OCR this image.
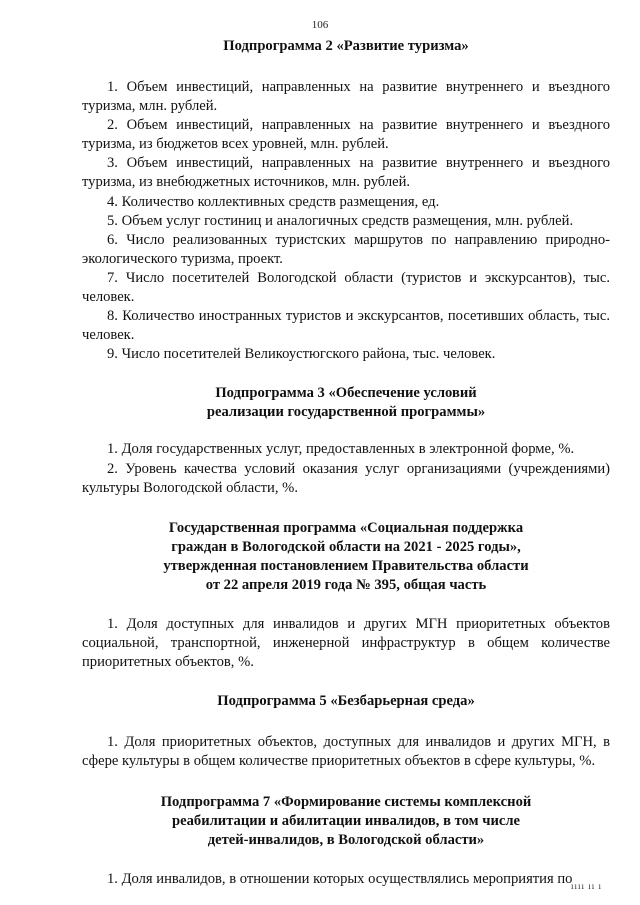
106
Подпрограмма 2 «Развитие туризма»

1. Объем инвестиций, направленных на развитие внутреннего и въездного туризма, млн. рублей.

2. Объем инвестиций, направленных на развитие внутреннего и въездного туризма, из бюджетов всех уровней, млн. рублей.

3. Объем инвестиций, направленных на развитие внутреннего и въездного туризма, из внебюджетных источников, млн. рублей.

4. Количество коллективных средств размещения, ед.

5. Объем услуг гостиниц и аналогичных средств размещения, млн. рублей.

6. Число реализованных туристских маршрутов по направлению природно-экологического туризма, проект.

7. Число посетителей Вологодской области (туристов и экскурсантов), тыс. человек.

8. Количество иностранных туристов и экскурсантов, посетивших область, тыс. человек.

9. Число посетителей Великоустюгского района, тыс. человек.

Подпрограмма 3 «Обеспечение условий
реализации государственной программы»

1. Доля государственных услуг, предоставленных в электронной форме, %.

2. Уровень качества условий оказания услуг организациями (учреждениями) культуры Вологодской области, %.

Государственная программа «Социальная поддержка
граждан в Вологодской области на 2021 - 2025 годы»,
утвержденная постановлением Правительства области
от 22 апреля 2019 года № 395, общая часть

1. Доля доступных для инвалидов и других МГН приоритетных объектов социальной, транспортной, инженерной инфраструктур в общем количестве приоритетных объектов, %.

Подпрограмма 5 «Безбарьерная среда»

1. Доля приоритетных объектов, доступных для инвалидов и других МГН, в сфере культуры в общем количестве приоритетных объектов в сфере культуры, %.

Подпрограмма 7 «Формирование системы комплексной
реабилитации и абилитации инвалидов, в том числе
детей-инвалидов, в Вологодской области»

1. Доля инвалидов, в отношении которых осуществлялись мероприятия по

ıııı ıı ı
